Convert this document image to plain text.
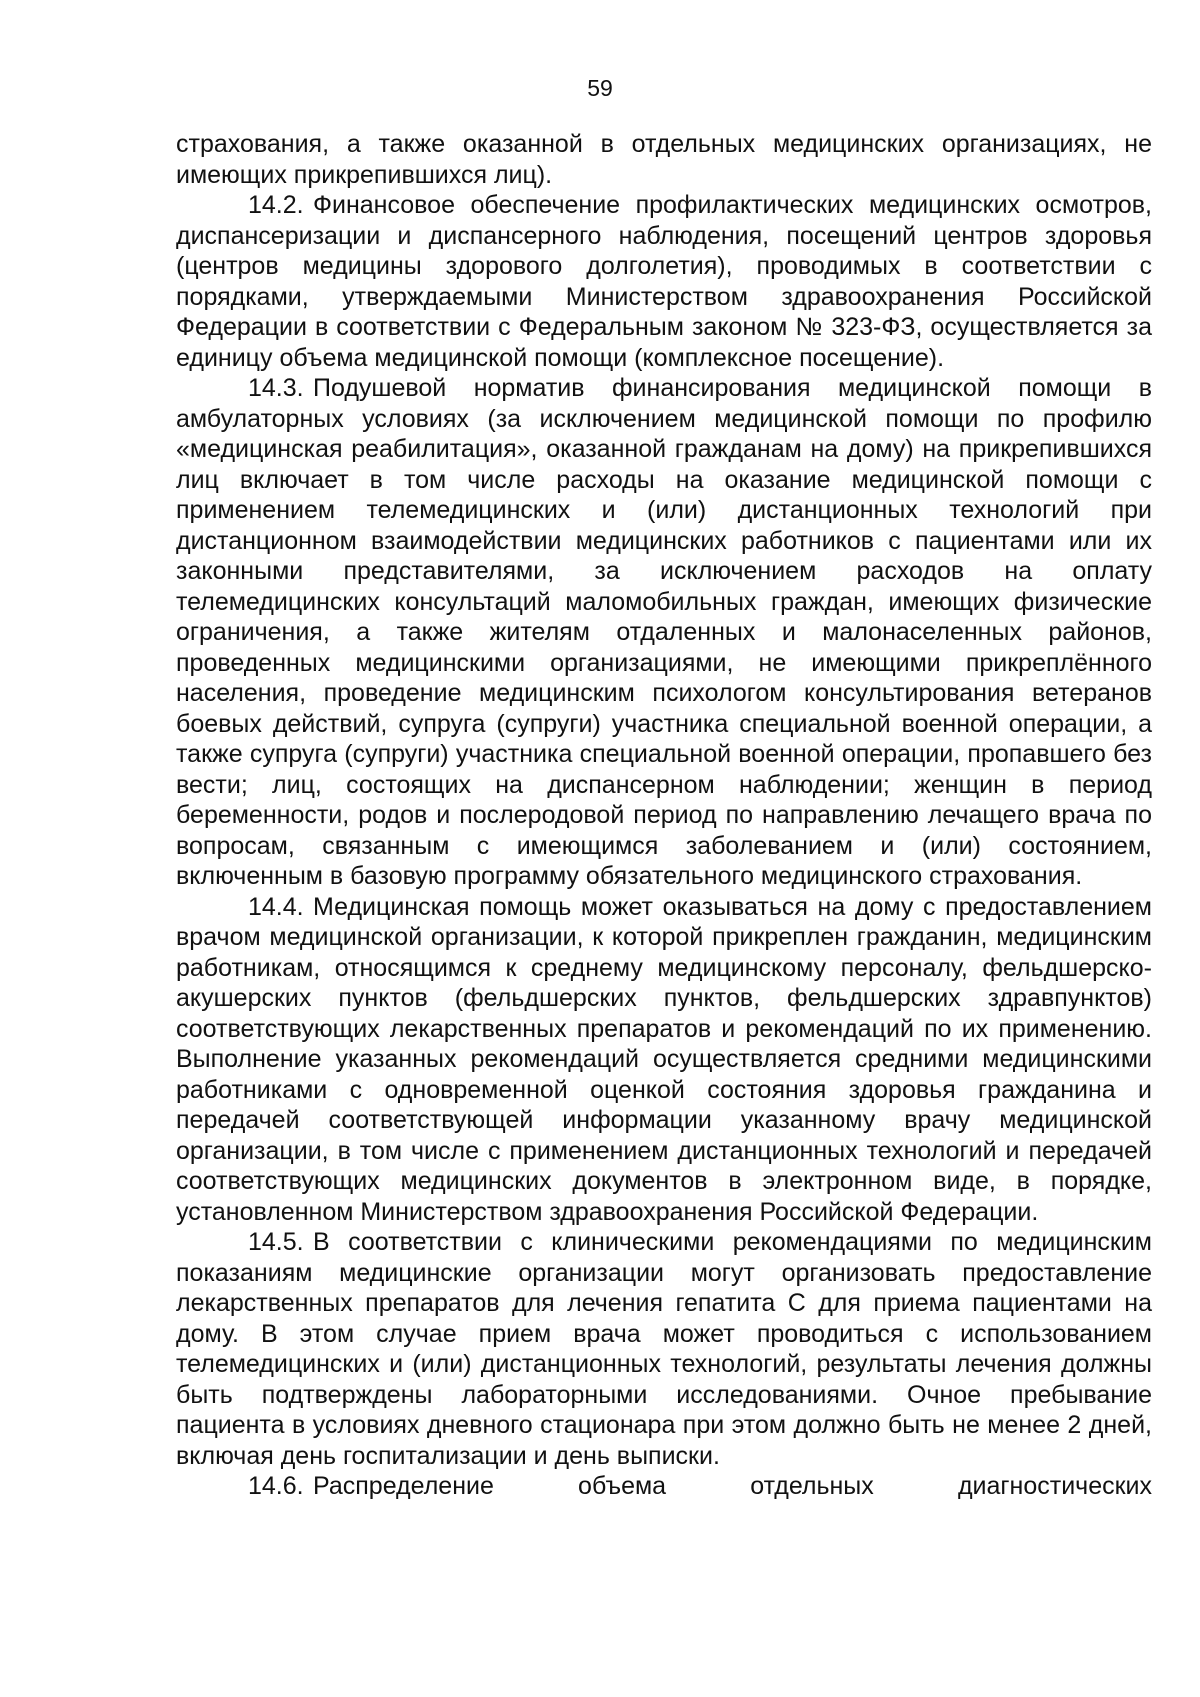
59

страхования, а также оказанной в отдельных медицинских организациях, не имеющих прикрепившихся лиц).

14.2. Финансовое обеспечение профилактических медицинских осмотров, диспансеризации и диспансерного наблюдения, посещений центров здоровья (центров медицины здорового долголетия), проводимых в соответствии с порядками, утверждаемыми Министерством здравоохранения Российской Федерации в соответствии с Федеральным законом № 323-ФЗ, осуществляется за единицу объема медицинской помощи (комплексное посещение).

14.3. Подушевой норматив финансирования медицинской помощи в амбулаторных условиях (за исключением медицинской помощи по профилю «медицинская реабилитация», оказанной гражданам на дому) на прикрепившихся лиц включает в том числе расходы на оказание медицинской помощи с применением телемедицинских и (или) дистанционных технологий при дистанционном взаимодействии медицинских работников с пациентами или их законными представителями, за исключением расходов на оплату телемедицинских консультаций маломобильных граждан, имеющих физические ограничения, а также жителям отдаленных и малонаселенных районов, проведенных медицинскими организациями, не имеющими прикреплённого населения, проведение медицинским психологом консультирования ветеранов боевых действий, супруга (супруги) участника специальной военной операции, а также супруга (супруги) участника специальной военной операции, пропавшего без вести; лиц, состоящих на диспансерном наблюдении; женщин в период беременности, родов и послеродовой период по направлению лечащего врача по вопросам, связанным с имеющимся заболеванием и (или) состоянием, включенным в базовую программу обязательного медицинского страхования.

14.4. Медицинская помощь может оказываться на дому с предоставлением врачом медицинской организации, к которой прикреплен гражданин, медицинским работникам, относящимся к среднему медицинскому персоналу, фельдшерско-акушерских пунктов (фельдшерских пунктов, фельдшерских здравпунктов) соответствующих лекарственных препаратов и рекомендаций по их применению. Выполнение указанных рекомендаций осуществляется средними медицинскими работниками с одновременной оценкой состояния здоровья гражданина и передачей соответствующей информации указанному врачу медицинской организации, в том числе с применением дистанционных технологий и передачей соответствующих медицинских документов в электронном виде, в порядке, установленном Министерством здравоохранения Российской Федерации.

14.5. В соответствии с клиническими рекомендациями по медицинским показаниям медицинские организации могут организовать предоставление лекарственных препаратов для лечения гепатита С для приема пациентами на дому. В этом случае прием врача может проводиться с использованием телемедицинских и (или) дистанционных технологий, результаты лечения должны быть подтверждены лабораторными исследованиями. Очное пребывание пациента в условиях дневного стационара при этом должно быть не менее 2 дней, включая день госпитализации и день выписки.

14.6. Распределение объема отдельных диагностических
